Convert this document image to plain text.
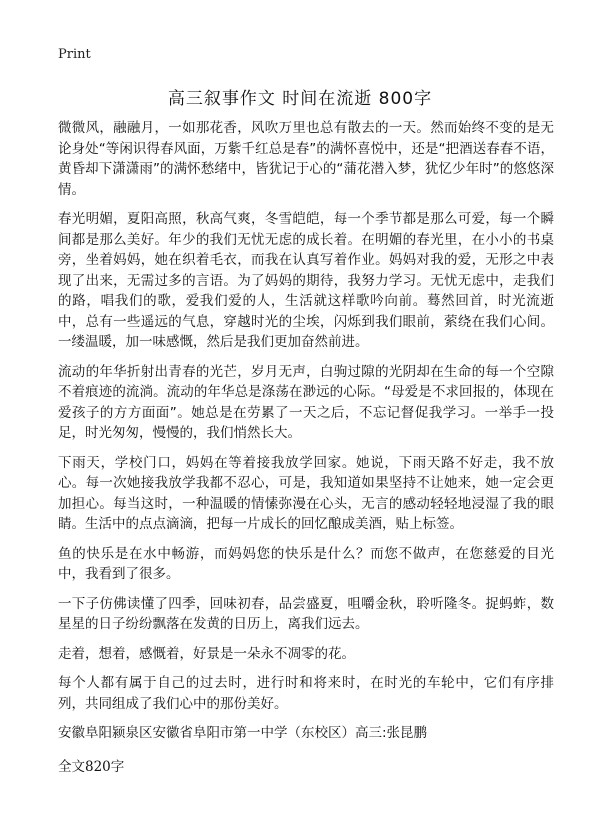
Print
高三叙事作文 时间在流逝 800字

微微风，融融月，一如那花香，风吹万里也总有散去的一天。然而始终不变的是无论身处“等闲识得春风面，万紫千红总是春”的满怀喜悦中，还是“把酒送春春不语，黄昏却下潇潇雨”的满怀愁绪中，皆犹记于心的“蒲花潜入梦，犹忆少年时”的悠悠深情。

春光明媚，夏阳高照，秋高气爽，冬雪皑皑，每一个季节都是那么可爱，每一个瞬间都是那么美好。年少的我们无忧无虑的成长着。在明媚的春光里，在小小的书桌旁，坐着妈妈，她在织着毛衣，而我在认真写着作业。妈妈对我的爱，无形之中表现了出来，无需过多的言语。为了妈妈的期待，我努力学习。无忧无虑中，走我们的路，唱我们的歌，爱我们爱的人，生活就这样歌吟向前。蓦然回首，时光流逝中，总有一些遥远的气息，穿越时光的尘埃，闪烁到我们眼前，萦绕在我们心间。一缕温暖，加一味感慨，然后是我们更加奋然前进。

流动的年华折射出青春的光芒，岁月无声，白驹过隙的光阴却在生命的每一个空隙不着痕迹的流淌。流动的年华总是涤荡在渺远的心际。“母爱是不求回报的，体现在爱孩子的方方面面”。她总是在劳累了一天之后，不忘记督促我学习。一举手一投足，时光匆匆，慢慢的，我们悄然长大。

下雨天，学校门口，妈妈在等着接我放学回家。她说，下雨天路不好走，我不放心。每一次她接我放学我都不忍心，可是，我知道如果坚持不让她来，她一定会更加担心。每当这时，一种温暖的情愫弥漫在心头，无言的感动轻轻地浸湿了我的眼睛。生活中的点点滴滴，把每一片成长的回忆酿成美酒，贴上标签。

鱼的快乐是在水中畅游，而妈妈您的快乐是什么？而您不做声，在您慈爱的目光中，我看到了很多。

一下子仿佛读懂了四季，回味初春，品尝盛夏，咀嚼金秋，聆听隆冬。捉蚂蚱，数星星的日子纷纷飘落在发黄的日历上，离我们远去。

走着，想着，感慨着，好景是一朵永不凋零的花。

每个人都有属于自己的过去时，进行时和将来时，在时光的车轮中，它们有序排列，共同组成了我们心中的那份美好。

安徽阜阳颍泉区安徽省阜阳市第一中学（东校区）高三:张昆鹏

全文820字
